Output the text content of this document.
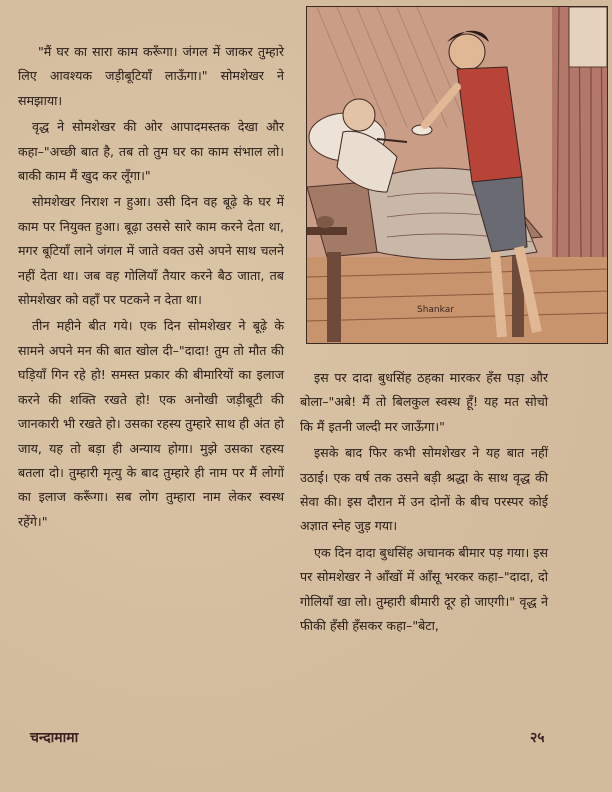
"मैं घर का सारा काम करूँगा। जंगल में जाकर तुम्हारे लिए आवश्यक जड़ीबूटियाँ लाऊँगा।" सोमशेखर ने समझाया।

वृद्ध ने सोमशेखर की ओर आपादमस्तक देखा और कहा–"अच्छी बात है, तब तो तुम घर का काम संभाल लो। बाकी काम मैं खुद कर लूँगा।"

सोमशेखर निराश न हुआ। उसी दिन वह बूढ़े के घर में काम पर नियुक्त हुआ। बूढ़ा उससे सारे काम करने देता था, मगर बूटियाँ लाने जंगल में जाते वक्त उसे अपने साथ चलने नहीं देता था। जब वह गोलियाँ तैयार करने बैठ जाता, तब सोमशेखर को वहाँ पर पटकने न देता था।

तीन महीने बीत गये। एक दिन सोमशेखर ने बूढ़े के सामने अपने मन की बात खोल दी–"दादा! तुम तो मौत की घड़ियाँ गिन रहे हो! समस्त प्रकार की बीमारियों का इलाज करने की शक्ति रखते हो! एक अनोखी जड़ीबूटी की जानकारी भी रखते हो। उसका रहस्य तुम्हारे साथ ही अंत हो जाय, यह तो बड़ा ही अन्याय होगा। मुझे उसका रहस्य बतला दो। तुम्हारी मृत्यु के बाद तुम्हारे ही नाम पर मैं लोगों का इलाज करूँगा। सब लोग तुम्हारा नाम लेकर स्वस्थ रहेंगे।"

Shankar

इस पर दादा बुधसिंह ठहका मारकर हँस पड़ा और बोला–"अबे! मैं तो बिलकुल स्वस्थ हूँ! यह मत सोचो कि मैं इतनी जल्दी मर जाऊँगा।"

इसके बाद फिर कभी सोमशेखर ने यह बात नहीं उठाई। एक वर्ष तक उसने बड़ी श्रद्धा के साथ वृद्ध की सेवा की। इस दौरान में उन दोनों के बीच परस्पर कोई अज्ञात स्नेह जुड़ गया।

एक दिन दादा बुधसिंह अचानक बीमार पड़ गया। इस पर सोमशेखर ने आँखों में आँसू भरकर कहा–"दादा, दो गोलियाँ खा लो। तुम्हारी बीमारी दूर हो जाएगी।" वृद्ध ने फीकी हँसी हँसकर कहा–"बेटा,

चन्दामामा	२५
